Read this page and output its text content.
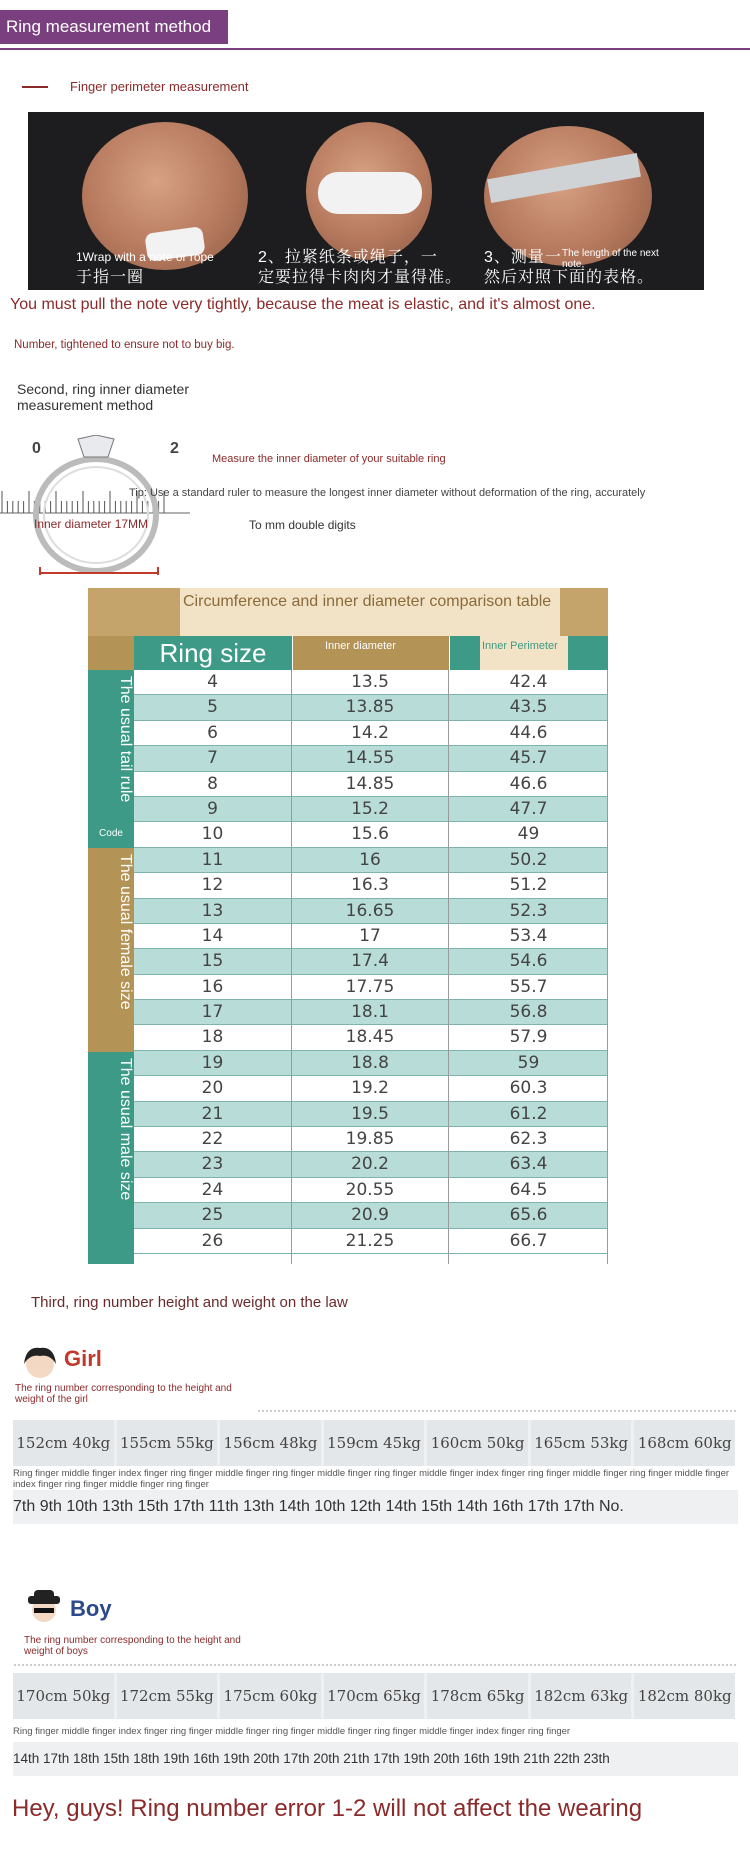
Ring measurement method
Finger perimeter measurement
1Wrap with a note or rope
于指一圈
2、拉紧纸条或绳子，一
定要拉得卡肉肉才量得准。
3、测量一 The length of the next note,
然后对照下面的表格。
You must pull the note very tightly, because the meat is elastic, and it's almost one.
Number, tightened to ensure not to buy big.
Second, ring inner diameter measurement method
0	2
Measure the inner diameter of your suitable ring
Tip: Use a standard ruler to measure the longest inner diameter without deformation of the ring, accurately
Inner diameter 17MM	To mm double digits
Circumference and inner diameter comparison table
Ring size	Inner diameter	Inner Perimeter
The usual tail rule
Code
The usual female size
The usual male size
4	13.5	42.4
5	13.85	43.5
6	14.2	44.6
7	14.55	45.7
8	14.85	46.6
9	15.2	47.7
10	15.6	49
11	16	50.2
12	16.3	51.2
13	16.65	52.3
14	17	53.4
15	17.4	54.6
16	17.75	55.7
17	18.1	56.8
18	18.45	57.9
19	18.8	59
20	19.2	60.3
21	19.5	61.2
22	19.85	62.3
23	20.2	63.4
24	20.55	64.5
25	20.9	65.6
26	21.25	66.7
Third, ring number height and weight on the law
Girl
The ring number corresponding to the height and weight of the girl
152cm 40kg 155cm 55kg 156cm 48kg 159cm 45kg 160cm 50kg 165cm 53kg 168cm 60kg
Ring finger middle finger index finger ring finger middle finger ring finger middle finger ring finger middle finger index finger ring finger middle finger ring finger middle finger index finger ring finger middle finger ring finger
7th 9th 10th 13th 15th 17th 11th 13th 14th 10th 12th 14th 15th 14th 16th 17th 17th No.
Boy
The ring number corresponding to the height and weight of boys
170cm 50kg 172cm 55kg 175cm 60kg 170cm 65kg 178cm 65kg 182cm 63kg 182cm 80kg
Ring finger middle finger index finger ring finger middle finger ring finger middle finger ring finger middle finger index finger ring finger
14th 17th 18th 15th 18th 19th 16th 19th 20th 17th 20th 21th 17th 19th 20th 16th 19th 21th 22th 23th
Hey, guys! Ring number error 1-2 will not affect the wearing
